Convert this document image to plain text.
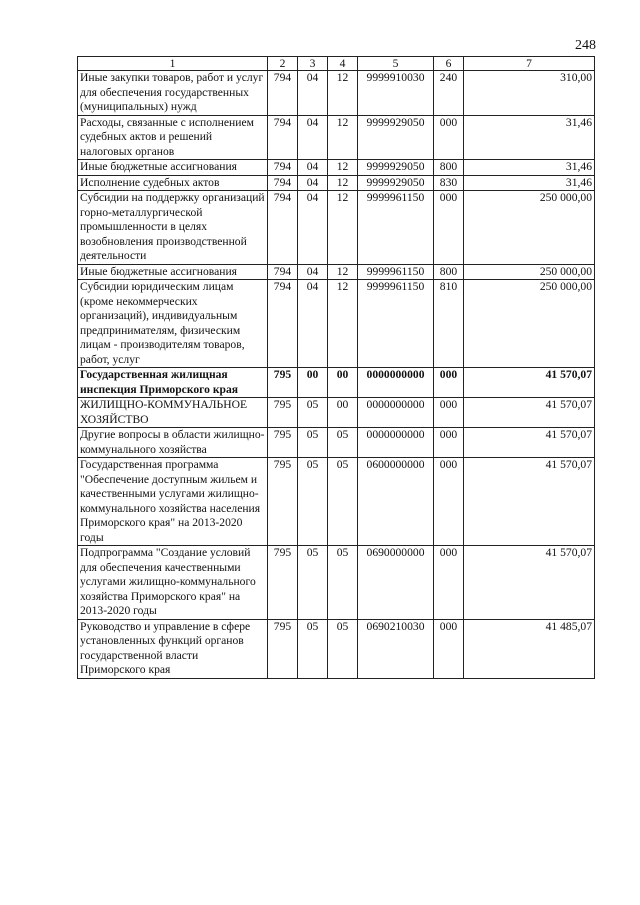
248
1	2	3	4	5	6	7
Иные закупки товаров, работ и услуг для обеспечения государственных (муниципальных) нужд	794	04	12	9999910030	240	310,00
Расходы, связанные с исполнением судебных актов и решений налоговых органов	794	04	12	9999929050	000	31,46
Иные бюджетные ассигнования	794	04	12	9999929050	800	31,46
Исполнение судебных актов	794	04	12	9999929050	830	31,46
Субсидии на поддержку организаций горно-металлургической промышленности в целях возобновления производственной деятельности	794	04	12	9999961150	000	250 000,00
Иные бюджетные ассигнования	794	04	12	9999961150	800	250 000,00
Субсидии юридическим лицам (кроме некоммерческих организаций), индивидуальным предпринимателям, физическим лицам - производителям товаров, работ, услуг	794	04	12	9999961150	810	250 000,00
Государственная жилищная инспекция Приморского края	795	00	00	0000000000	000	41 570,07
ЖИЛИЩНО-КОММУНАЛЬНОЕ ХОЗЯЙСТВО	795	05	00	0000000000	000	41 570,07
Другие вопросы в области жилищно-коммунального хозяйства	795	05	05	0000000000	000	41 570,07
Государственная программа "Обеспечение доступным жильем и качественными услугами жилищно-коммунального хозяйства населения Приморского края" на 2013-2020 годы	795	05	05	0600000000	000	41 570,07
Подпрограмма "Создание условий для обеспечения качественными услугами жилищно-коммунального хозяйства Приморского края" на 2013-2020 годы	795	05	05	0690000000	000	41 570,07
Руководство и управление в сфере установленных функций органов государственной власти Приморского края	795	05	05	0690210030	000	41 485,07
